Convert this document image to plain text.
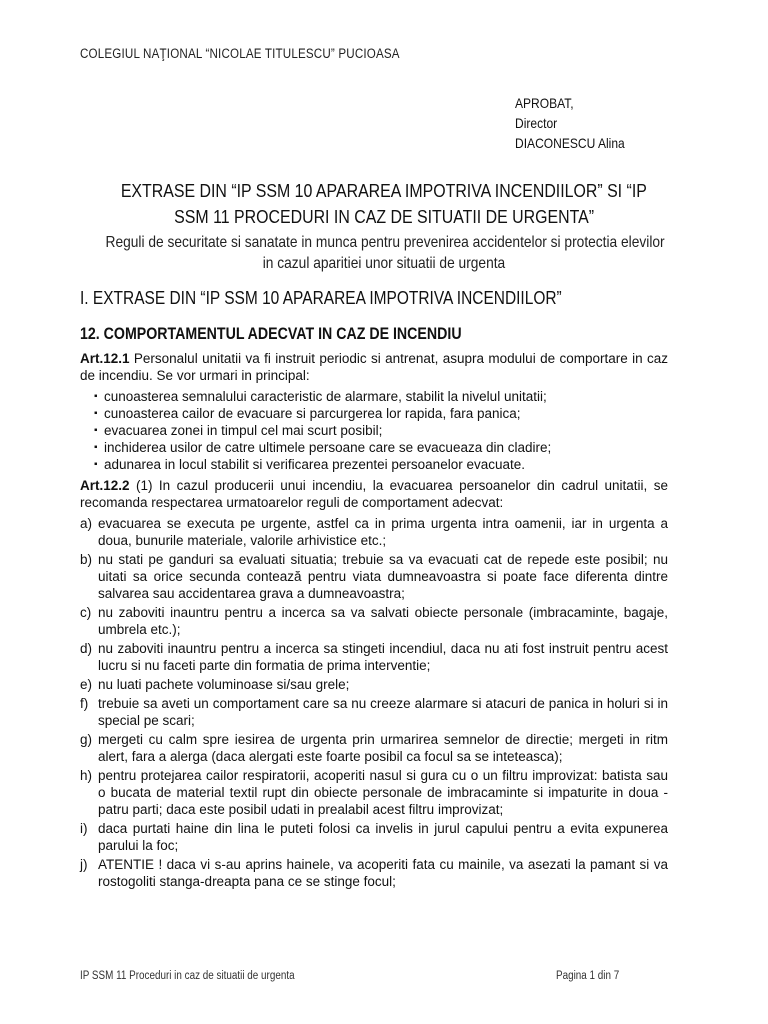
COLEGIUL NAŢIONAL “NICOLAE TITULESCU” PUCIOASA
APROBAT,
Director
DIACONESCU Alina
EXTRASE DIN “IP SSM 10 APARAREA IMPOTRIVA INCENDIILOR” SI “IP
SSM 11 PROCEDURI IN CAZ DE SITUATII DE URGENTA”
Reguli de securitate si sanatate in munca pentru prevenirea accidentelor si protectia elevilor
in cazul aparitiei unor situatii de urgenta
I. EXTRASE DIN “IP SSM 10 APARAREA IMPOTRIVA INCENDIILOR”
12. COMPORTAMENTUL ADECVAT IN CAZ DE INCENDIU

Art.12.1 Personalul unitatii va fi instruit periodic si antrenat, asupra modului de comportare in caz de incendiu. Se vor urmari in principal:

▪ cunoasterea semnalului caracteristic de alarmare, stabilit la nivelul unitatii;
▪ cunoasterea cailor de evacuare si parcurgerea lor rapida, fara panica;
▪ evacuarea zonei in timpul cel mai scurt posibil;
▪ inchiderea usilor de catre ultimele persoane care se evacueaza din cladire;
▪ adunarea in locul stabilit si verificarea prezentei persoanelor evacuate.

Art.12.2 (1) In cazul producerii unui incendiu, la evacuarea persoanelor din cadrul unitatii, se recomanda respectarea urmatoarelor reguli de comportament adecvat:

a) evacuarea se executa pe urgente, astfel ca in prima urgenta intra oamenii, iar in urgenta a doua, bunurile materiale, valorile arhivistice etc.;
b) nu stati pe ganduri sa evaluati situatia; trebuie sa va evacuati cat de repede este posibil; nu uitati sa orice secunda contează pentru viata dumneavoastra si poate face diferenta dintre salvarea sau accidentarea grava a dumneavoastra;
c) nu zaboviti inauntru pentru a incerca sa va salvati obiecte personale (imbracaminte, bagaje, umbrela etc.);
d) nu zaboviti inauntru pentru a incerca sa stingeti incendiul, daca nu ati fost instruit pentru acest lucru si nu faceti parte din formatia de prima interventie;
e) nu luati pachete voluminoase si/sau grele;
f) trebuie sa aveti un comportament care sa nu creeze alarmare si atacuri de panica in holuri si in special pe scari;
g) mergeti cu calm spre iesirea de urgenta prin urmarirea semnelor de directie; mergeti in ritm alert, fara a alerga (daca alergati este foarte posibil ca focul sa se inteteasca);
h) pentru protejarea cailor respiratorii, acoperiti nasul si gura cu o un filtru improvizat: batista sau o bucata de material textil rupt din obiecte personale de imbracaminte si impaturite in doua - patru parti; daca este posibil udati in prealabil acest filtru improvizat;
i) daca purtati haine din lina le puteti folosi ca invelis in jurul capului pentru a evita expunerea parului la foc;
j) ATENTIE ! daca vi s-au aprins hainele, va acoperiti fata cu mainile, va asezati la pamant si va rostogoliti stanga-dreapta pana ce se stinge focul;
IP SSM 11 Proceduri in caz de situatii de urgenta	Pagina 1 din 7
